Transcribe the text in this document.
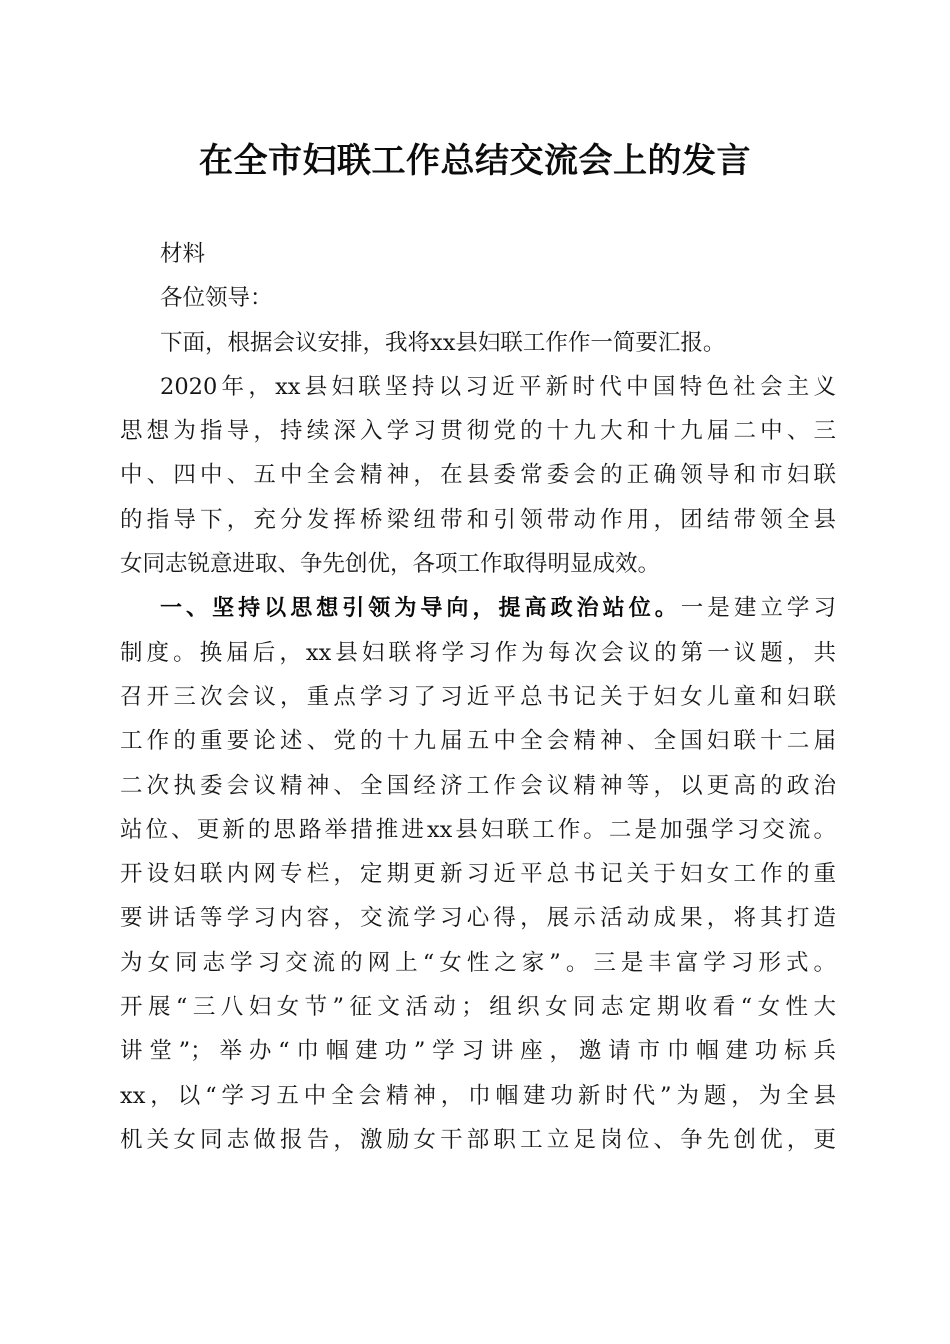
在全市妇联工作总结交流会上的发言
材料
各位领导：
下面，根据会议安排，我将xx县妇联工作作一简要汇报。
2020年，xx县妇联坚持以习近平新时代中国特色社会主义
思想为指导，持续深入学习贯彻党的十九大和十九届二中、三
中、四中、五中全会精神，在县委常委会的正确领导和市妇联
的指导下，充分发挥桥梁纽带和引领带动作用，团结带领全县
女同志锐意进取、争先创优，各项工作取得明显成效。
一、坚持以思想引领为导向，提高政治站位。一是建立学习
制度。换届后，xx县妇联将学习作为每次会议的第一议题，共
召开三次会议，重点学习了习近平总书记关于妇女儿童和妇联
工作的重要论述、党的十九届五中全会精神、全国妇联十二届
二次执委会议精神、全国经济工作会议精神等，以更高的政治
站位、更新的思路举措推进xx县妇联工作。二是加强学习交流。
开设妇联内网专栏，定期更新习近平总书记关于妇女工作的重
要讲话等学习内容，交流学习心得，展示活动成果，将其打造
为女同志学习交流的网上“女性之家”。三是丰富学习形式。
开展“三八妇女节”征文活动；组织女同志定期收看“女性大
讲堂”；举办“巾帼建功”学习讲座，邀请市巾帼建功标兵
xx，以“学习五中全会精神，巾帼建功新时代”为题，为全县
机关女同志做报告，激励女干部职工立足岗位、争先创优，更
